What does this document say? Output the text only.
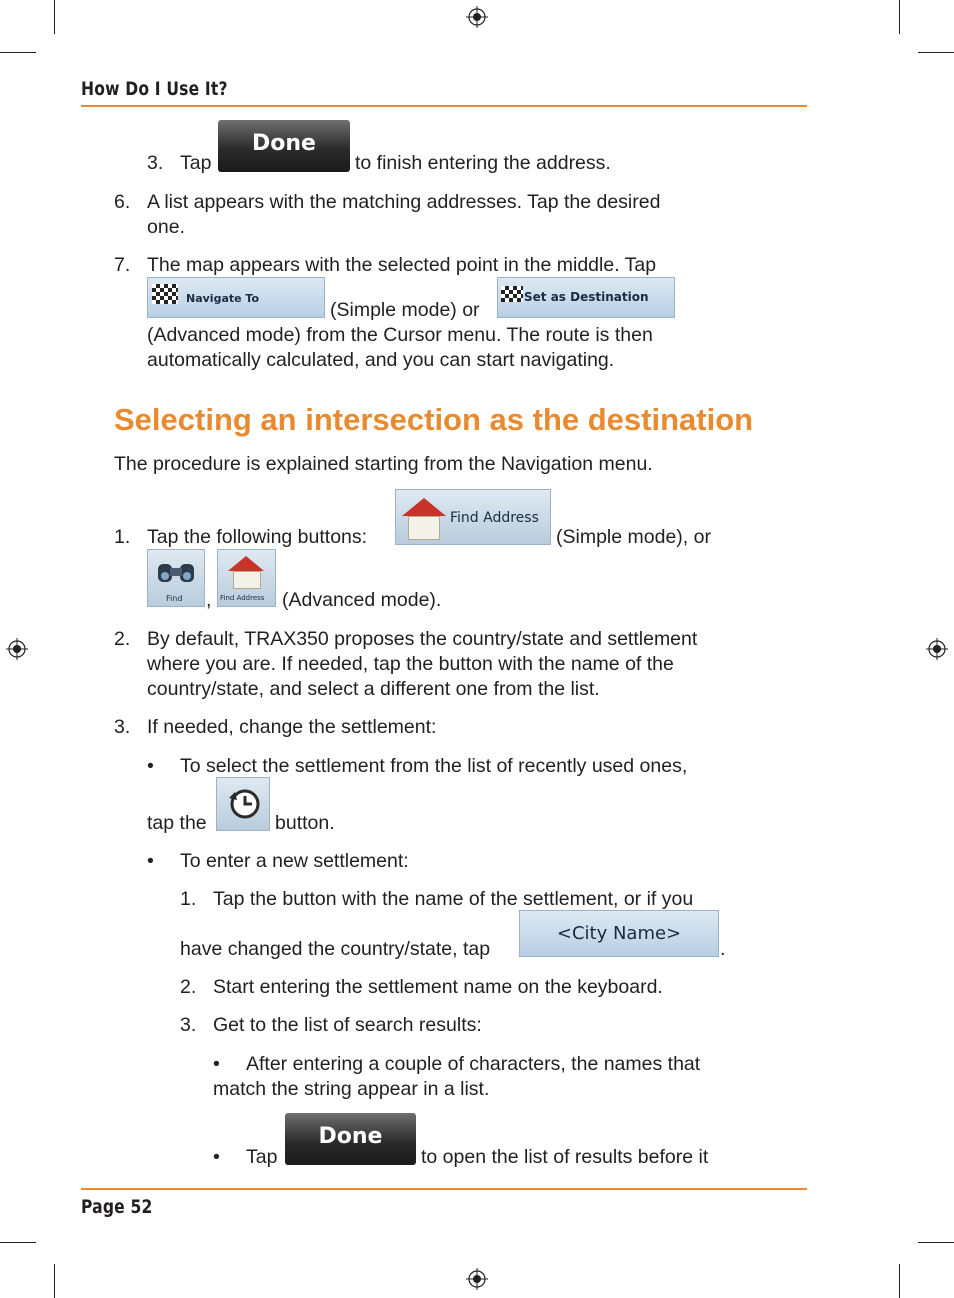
How Do I Use It?
3. Tap
Done
to finish entering the address.
6. A list appears with the matching addresses. Tap the desired
one.
7. The map appears with the selected point in the middle. Tap
Navigate To
(Simple mode) or
Set as Destination
(Advanced mode) from the Cursor menu. The route is then
automatically calculated, and you can start navigating.
Selecting an intersection as the destination
The procedure is explained starting from the Navigation menu.
1. Tap the following buttons:
Find Address
(Simple mode), or
Find , Find Address (Advanced mode).
2. By default, TRAX350 proposes the country/state and settlement
where you are. If needed, tap the button with the name of the
country/state, and select a different one from the list.
3. If needed, change the settlement:
• To select the settlement from the list of recently used ones,
tap the	button.
• To enter a new settlement:
1. Tap the button with the name of the settlement, or if you
have changed the country/state, tap
<City Name>
.
2. Start entering the settlement name on the keyboard.
3. Get to the list of search results:
• After entering a couple of characters, the names that
match the string appear in a list.
• Tap
Done
to open the list of results before it
Page 52
